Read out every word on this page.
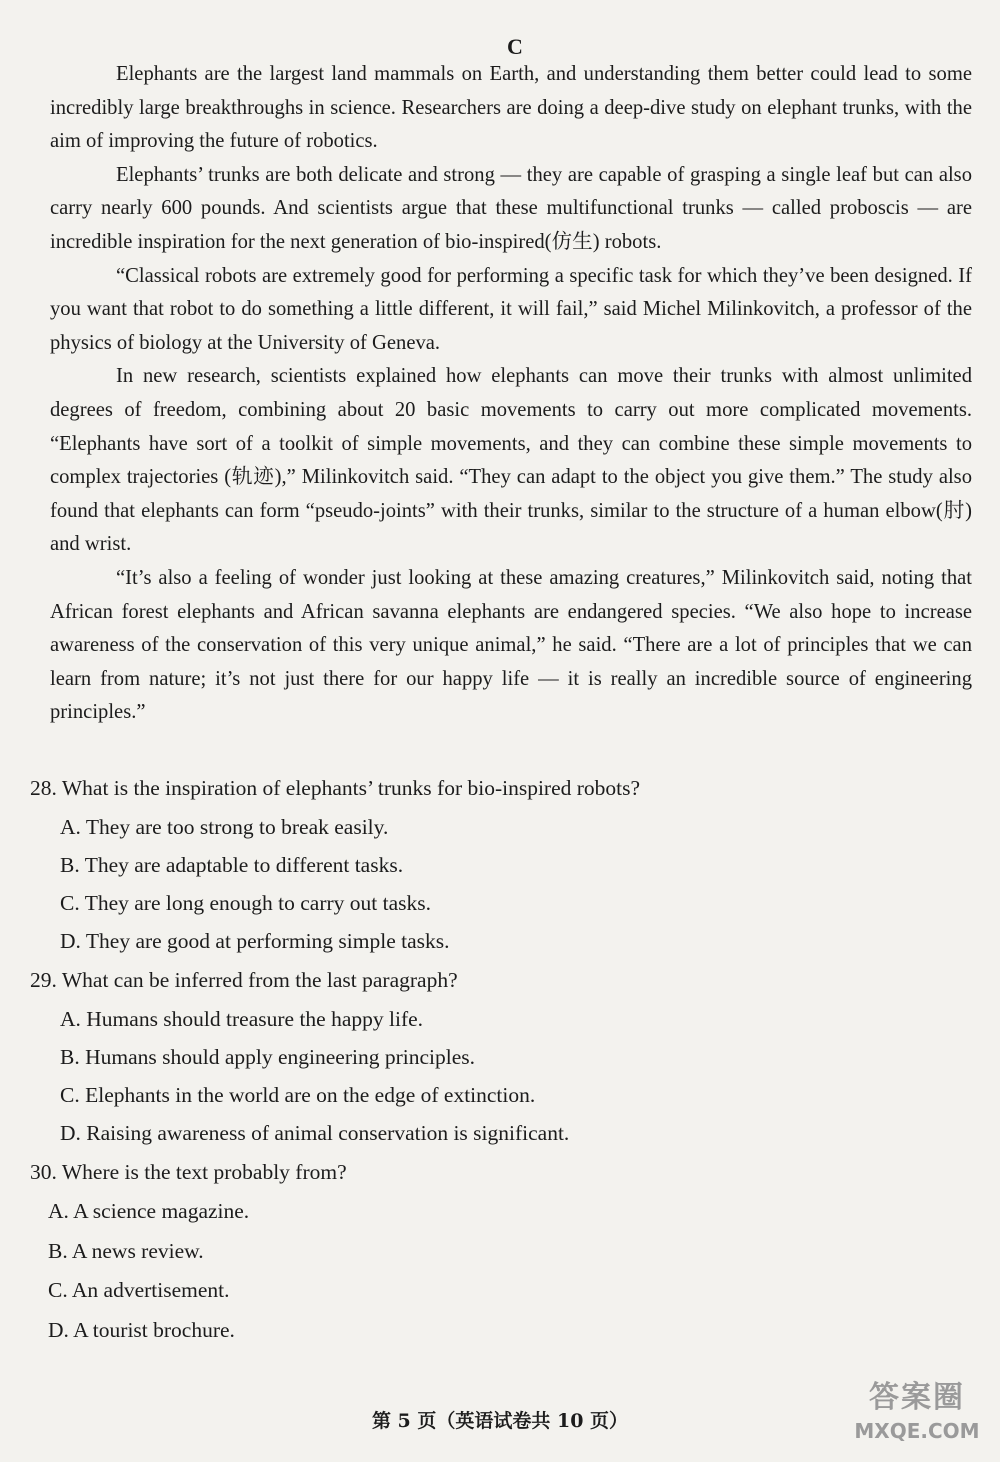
C

Elephants are the largest land mammals on Earth, and understanding them better could lead to some incredibly large breakthroughs in science. Researchers are doing a deep-dive study on elephant trunks, with the aim of improving the future of robotics.

Elephants’ trunks are both delicate and strong — they are capable of grasping a single leaf but can also carry nearly 600 pounds. And scientists argue that these multifunctional trunks — called proboscis — are incredible inspiration for the next generation of bio-inspired(仿生) robots.

“Classical robots are extremely good for performing a specific task for which they’ve been designed. If you want that robot to do something a little different, it will fail,” said Michel Milinkovitch, a professor of the physics of biology at the University of Geneva.

In new research, scientists explained how elephants can move their trunks with almost unlimited degrees of freedom, combining about 20 basic movements to carry out more complicated movements. “Elephants have sort of a toolkit of simple movements, and they can combine these simple movements to complex trajectories (轨迹),” Milinkovitch said. “They can adapt to the object you give them.” The study also found that elephants can form “pseudo-joints” with their trunks, similar to the structure of a human elbow(肘) and wrist.

“It’s also a feeling of wonder just looking at these amazing creatures,” Milinkovitch said, noting that African forest elephants and African savanna elephants are endangered species. “We also hope to increase awareness of the conservation of this very unique animal,” he said. “There are a lot of principles that we can learn from nature; it’s not just there for our happy life — it is really an incredible source of engineering principles.”

28. What is the inspiration of elephants’ trunks for bio-inspired robots?
A. They are too strong to break easily.
B. They are adaptable to different tasks.
C. They are long enough to carry out tasks.
D. They are good at performing simple tasks.
29. What can be inferred from the last paragraph?
A. Humans should treasure the happy life.
B. Humans should apply engineering principles.
C. Elephants in the world are on the edge of extinction.
D. Raising awareness of animal conservation is significant.
30. Where is the text probably from?
A. A science magazine.
B. A news review.
C. An advertisement.
D. A tourist brochure.
第 5 页（英语试卷共 10 页）
答案圈
MXQE.COM
